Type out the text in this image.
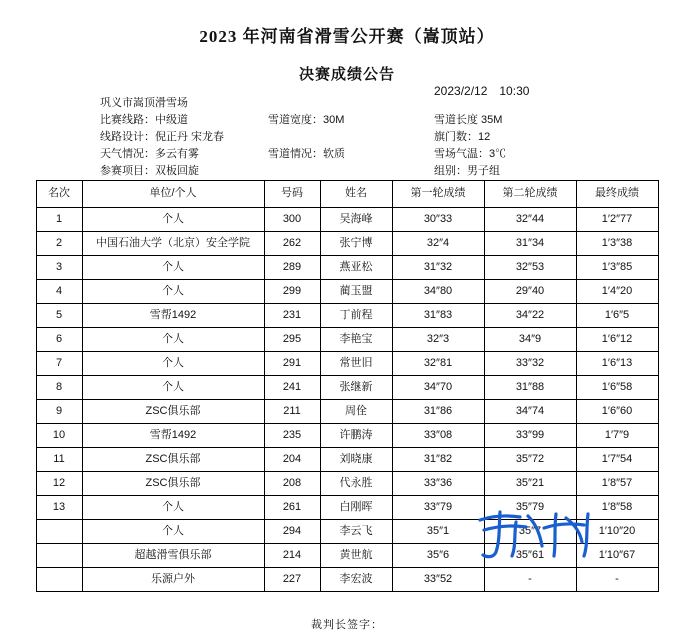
2023 年河南省滑雪公开赛（嵩顶站）
决赛成绩公告
2023/2/12　10:30
巩义市嵩顶滑雪场
比赛线路：中级道	雪道宽度：30M	雪道长度 35M
线路设计：倪正丹 宋龙春	旗门数：12
天气情况：多云有雾	雪道情况：软质	雪场气温：3℃
参赛项目：双板回旋	组别：男子组
名次	单位/个人	号码	姓名	第一轮成绩	第二轮成绩	最终成绩
1	个人	300	吴海峰	30″33	32″44	1′2″77
2	中国石油大学（北京）安全学院	262	张宁博	32″4	31″34	1′3″38
3	个人	289	燕亚松	31″32	32″53	1′3″85
4	个人	299	蔺玉盟	34″80	29″40	1′4″20
5	雪帮1492	231	丁前程	31″83	34″22	1′6″5
6	个人	295	李艳宝	32″3	34″9	1′6″12
7	个人	291	常世旧	32″81	33″32	1′6″13
8	个人	241	张继新	34″70	31″88	1′6″58
9	ZSC俱乐部	211	周佺	31″86	34″74	1′6″60
10	雪帮1492	235	许鹏涛	33″08	33″99	1′7″9
11	ZSC俱乐部	204	刘晓康	31″82	35″72	1′7″54
12	ZSC俱乐部	208	代永胜	33″36	35″21	1′8″57
13	个人	261	白刚晖	33″79	35″79	1′8″58
	个人	294	李云飞	35″1	35″7	1′10″20
	超越滑雪俱乐部	214	黄世航	35″6	35″61	1′10″67
	乐源户外	227	李宏波	33″52	-	-
裁判长签字：
